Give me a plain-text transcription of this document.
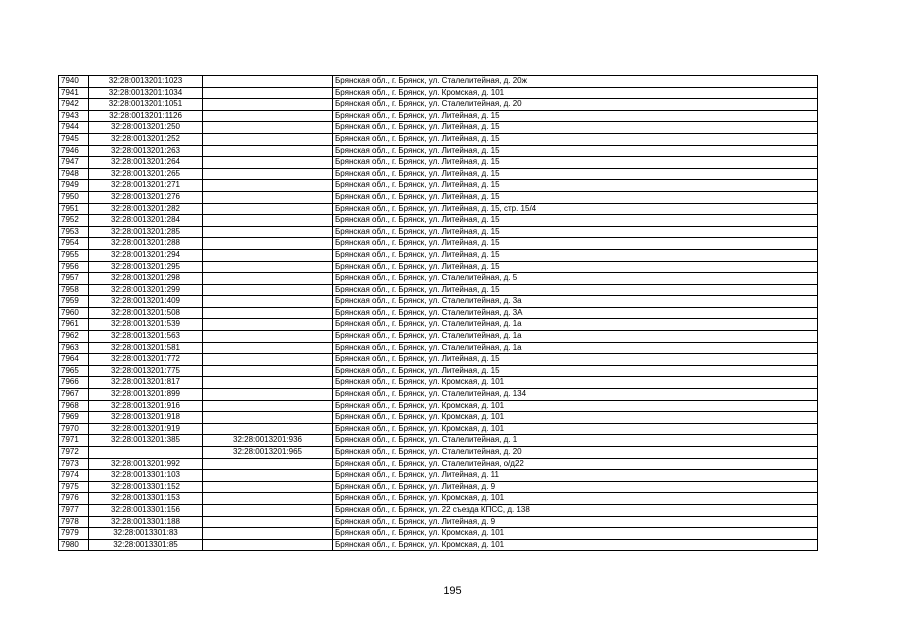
7940	32:28:0013201:1023		Брянская обл., г. Брянск, ул. Сталелитейная, д. 20ж
7941	32:28:0013201:1034		Брянская обл., г. Брянск, ул. Кромская, д. 101
7942	32:28:0013201:1051		Брянская обл., г. Брянск, ул. Сталелитейная, д. 20
7943	32:28:0013201:1126		Брянская обл., г. Брянск, ул. Литейная, д. 15
7944	32:28:0013201:250		Брянская обл., г. Брянск, ул. Литейная, д. 15
7945	32:28:0013201:252		Брянская обл., г. Брянск, ул. Литейная, д. 15
7946	32:28:0013201:263		Брянская обл., г. Брянск, ул. Литейная, д. 15
7947	32:28:0013201:264		Брянская обл., г. Брянск, ул. Литейная, д. 15
7948	32:28:0013201:265		Брянская обл., г. Брянск, ул. Литейная, д. 15
7949	32:28:0013201:271		Брянская обл., г. Брянск, ул. Литейная, д. 15
7950	32:28:0013201:276		Брянская обл., г. Брянск, ул. Литейная, д. 15
7951	32:28:0013201:282		Брянская обл., г. Брянск, ул. Литейная, д. 15, стр. 15/4
7952	32:28:0013201:284		Брянская обл., г. Брянск, ул. Литейная, д. 15
7953	32:28:0013201:285		Брянская обл., г. Брянск, ул. Литейная, д. 15
7954	32:28:0013201:288		Брянская обл., г. Брянск, ул. Литейная, д. 15
7955	32:28:0013201:294		Брянская обл., г. Брянск, ул. Литейная, д. 15
7956	32:28:0013201:295		Брянская обл., г. Брянск, ул. Литейная, д. 15
7957	32:28:0013201:298		Брянская обл., г. Брянск, ул. Сталелитейная, д. 5
7958	32:28:0013201:299		Брянская обл., г. Брянск, ул. Литейная, д. 15
7959	32:28:0013201:409		Брянская обл., г. Брянск, ул. Сталелитейная, д. 3а
7960	32:28:0013201:508		Брянская обл., г. Брянск, ул. Сталелитейная, д. 3А
7961	32:28:0013201:539		Брянская обл., г. Брянск, ул. Сталелитейная, д. 1а
7962	32:28:0013201:563		Брянская обл., г. Брянск, ул. Сталелитейная, д. 1а
7963	32:28:0013201:581		Брянская обл., г. Брянск, ул. Сталелитейная, д. 1а
7964	32:28:0013201:772		Брянская обл., г. Брянск, ул. Литейная, д. 15
7965	32:28:0013201:775		Брянская обл., г. Брянск, ул. Литейная, д. 15
7966	32:28:0013201:817		Брянская обл., г. Брянск, ул. Кромская, д. 101
7967	32:28:0013201:899		Брянская обл., г. Брянск, ул. Сталелитейная, д. 134
7968	32:28:0013201:916		Брянская обл., г. Брянск, ул. Кромская, д. 101
7969	32:28:0013201:918		Брянская обл., г. Брянск, ул. Кромская, д. 101
7970	32:28:0013201:919		Брянская обл., г. Брянск, ул. Кромская, д. 101
7971	32:28:0013201:385	32:28:0013201:936	Брянская обл., г. Брянск, ул. Сталелитейная, д. 1
7972		32:28:0013201:965	Брянская обл., г. Брянск, ул. Сталелитейная, д. 20
7973	32:28:0013201:992		Брянская обл., г. Брянск, ул. Сталелитейная, о/д22
7974	32:28:0013301:103		Брянская обл., г. Брянск, ул. Литейная, д. 11
7975	32:28:0013301:152		Брянская обл., г. Брянск, ул. Литейная, д. 9
7976	32:28:0013301:153		Брянская обл., г. Брянск, ул. Кромская, д. 101
7977	32:28:0013301:156		Брянская обл., г. Брянск, ул. 22 съезда КПСС, д. 138
7978	32:28:0013301:188		Брянская обл., г. Брянск, ул. Литейная, д. 9
7979	32:28:0013301:83		Брянская обл., г. Брянск, ул. Кромская, д. 101
7980	32:28:0013301:85		Брянская обл., г. Брянск, ул. Кромская, д. 101
195
